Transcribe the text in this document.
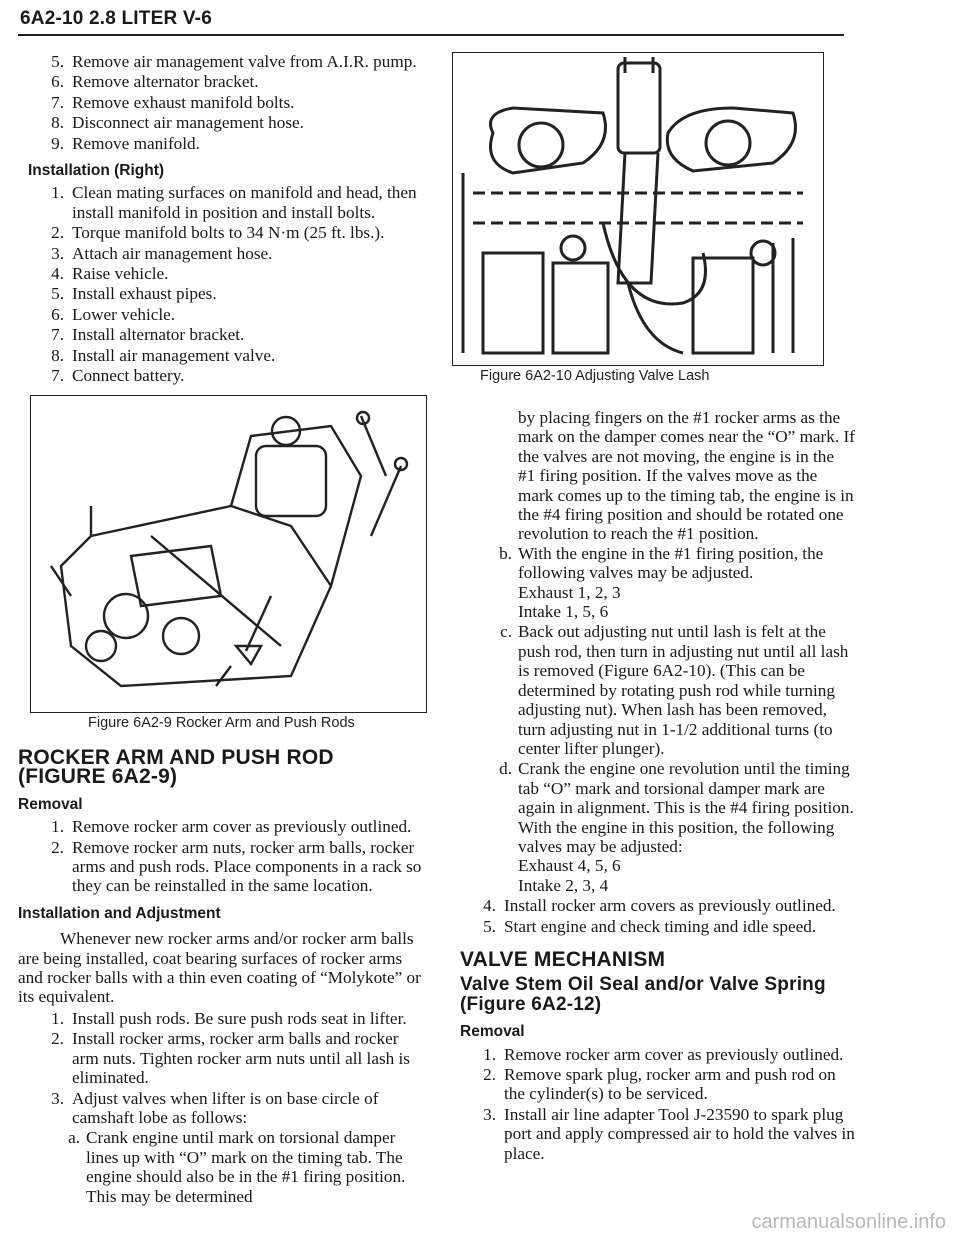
6A2-10 2.8 LITER V-6
Figure 6A2-10 Adjusting Valve Lash
5. Remove air management valve from A.I.R. pump.
6. Remove alternator bracket.
7. Remove exhaust manifold bolts.
8. Disconnect air management hose.
9. Remove manifold.
Installation (Right)
1. Clean mating surfaces on manifold and head, then install manifold in position and install bolts.
2. Torque manifold bolts to 34 N·m (25 ft. lbs.).
3. Attach air management hose.
4. Raise vehicle.
5. Install exhaust pipes.
6. Lower vehicle.
7. Install alternator bracket.
8. Install air management valve.
7. Connect battery.
Figure 6A2-9 Rocker Arm and Push Rods
ROCKER ARM AND PUSH ROD (FIGURE 6A2-9)
Removal
1. Remove rocker arm cover as previously outlined.
2. Remove rocker arm nuts, rocker arm balls, rocker arms and push rods. Place components in a rack so they can be reinstalled in the same location.
Installation and Adjustment

Whenever new rocker arms and/or rocker arm balls are being installed, coat bearing surfaces of rocker arms and rocker balls with a thin even coating of “Molykote” or its equivalent.

1. Install push rods. Be sure push rods seat in lifter.
2. Install rocker arms, rocker arm balls and rocker arm nuts. Tighten rocker arm nuts until all lash is eliminated.
3. Adjust valves when lifter is on base circle of camshaft lobe as follows:
a. Crank engine until mark on torsional damper lines up with “O” mark on the timing tab. The engine should also be in the #1 firing position. This may be determined

by placing fingers on the #1 rocker arms as the mark on the damper comes near the “O” mark. If the valves are not moving, the engine is in the #1 firing position. If the valves move as the mark comes up to the timing tab, the engine is in the #4 firing position and should be rotated one revolution to reach the #1 position.

b. With the engine in the #1 firing position, the following valves may be adjusted.
Exhaust 1, 2, 3
Intake 1, 5, 6
c. Back out adjusting nut until lash is felt at the push rod, then turn in adjusting nut until all lash is removed (Figure 6A2-10). (This can be determined by rotating push rod while turning adjusting nut). When lash has been removed, turn adjusting nut in 1-1/2 additional turns (to center lifter plunger).
d. Crank the engine one revolution until the timing tab “O” mark and torsional damper mark are again in alignment. This is the #4 firing position. With the engine in this position, the following valves may be adjusted:
Exhaust 4, 5, 6
Intake 2, 3, 4
4. Install rocker arm covers as previously outlined.
5. Start engine and check timing and idle speed.
VALVE MECHANISM
Valve Stem Oil Seal and/or Valve Spring (Figure 6A2-12)
Removal
1. Remove rocker arm cover as previously outlined.
2. Remove spark plug, rocker arm and push rod on the cylinder(s) to be serviced.
3. Install air line adapter Tool J-23590 to spark plug port and apply compressed air to hold the valves in place.
carmanualsonline.info
